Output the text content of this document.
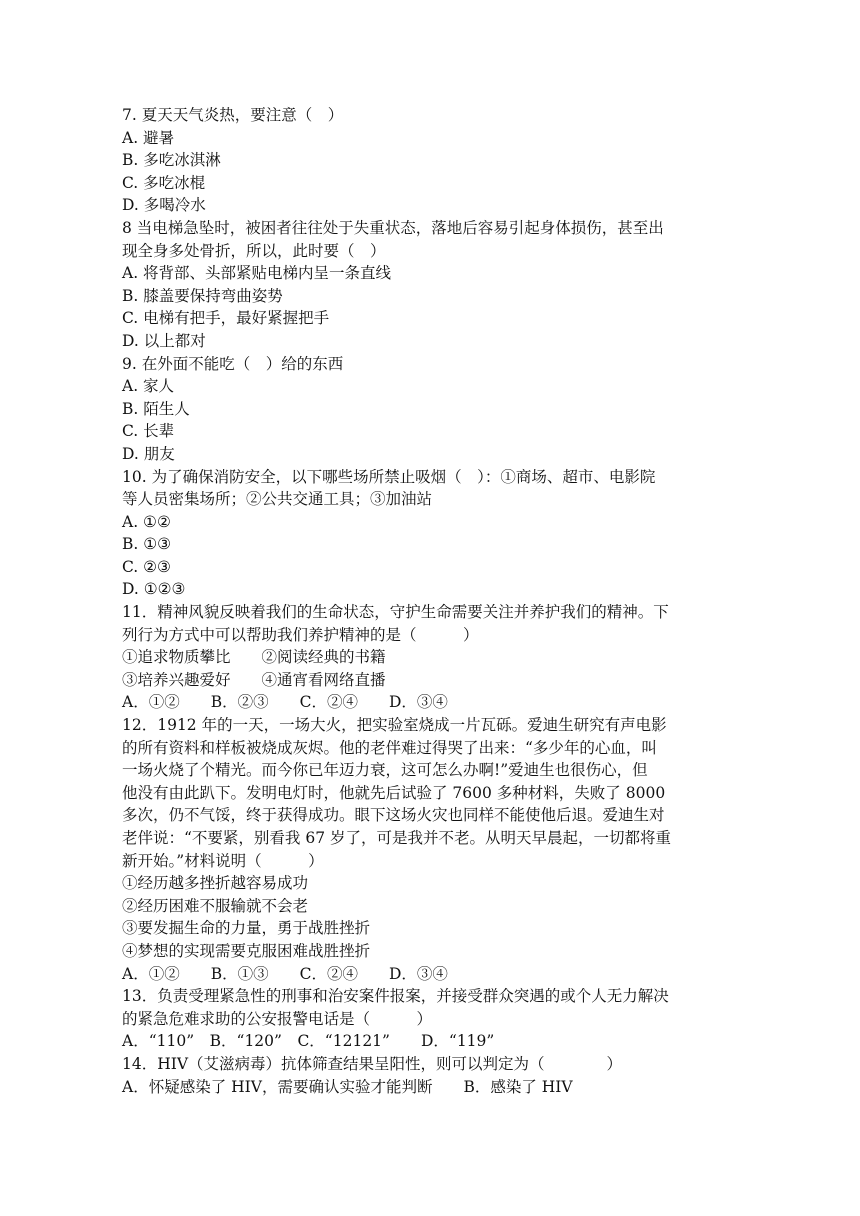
7. 夏天天气炎热，要注意（　）
A. 避暑
B. 多吃冰淇淋
C. 多吃冰棍
D. 多喝冷水
8 当电梯急坠时，被困者往往处于失重状态，落地后容易引起身体损伤，甚至出
现全身多处骨折，所以，此时要（　）
A. 将背部、头部紧贴电梯内呈一条直线
B. 膝盖要保持弯曲姿势
C. 电梯有把手，最好紧握把手
D. 以上都对
9. 在外面不能吃（　）给的东西
A. 家人
B. 陌生人
C. 长辈
D. 朋友
10. 为了确保消防安全，以下哪些场所禁止吸烟（　）：①商场、超市、电影院
等人员密集场所；②公共交通工具；③加油站
A. ①②
B. ①③
C. ②③
D. ①②③
11．精神风貌反映着我们的生命状态，守护生命需要关注并养护我们的精神。下
列行为方式中可以帮助我们养护精神的是（　　　）
①追求物质攀比　　②阅读经典的书籍
③培养兴趣爱好　　④通宵看网络直播
A．①②　　B．②③　　C．②④　　D．③④
12．1912 年的一天，一场大火，把实验室烧成一片瓦砾。爱迪生研究有声电影
的所有资料和样板被烧成灰烬。他的老伴难过得哭了出来：“多少年的心血，叫
一场火烧了个精光。而今你已年迈力衰，这可怎么办啊!”爱迪生也很伤心，但
他没有由此趴下。发明电灯时，他就先后试验了 7600 多种材料，失败了 8000
多次，仍不气馁，终于获得成功。眼下这场火灾也同样不能使他后退。爱迪生对
老伴说：“不要紧，别看我 67 岁了，可是我并不老。从明天早晨起，一切都将重
新开始。”材料说明（　　　）
①经历越多挫折越容易成功
②经历困难不服输就不会老
③要发掘生命的力量，勇于战胜挫折
④梦想的实现需要克服困难战胜挫折
A．①②　　B．①③　　C．②④　　D．③④
13．负责受理紧急性的刑事和治安案件报案，并接受群众突遇的或个人无力解决
的紧急危难求助的公安报警电话是（　　　）
A．“110”　B．“120”　C．“12121”　　D．“119”
14．HIV（艾滋病毒）抗体筛查结果呈阳性，则可以判定为（　　　　）
A．怀疑感染了 HIV，需要确认实验才能判断　　B．感染了 HIV
